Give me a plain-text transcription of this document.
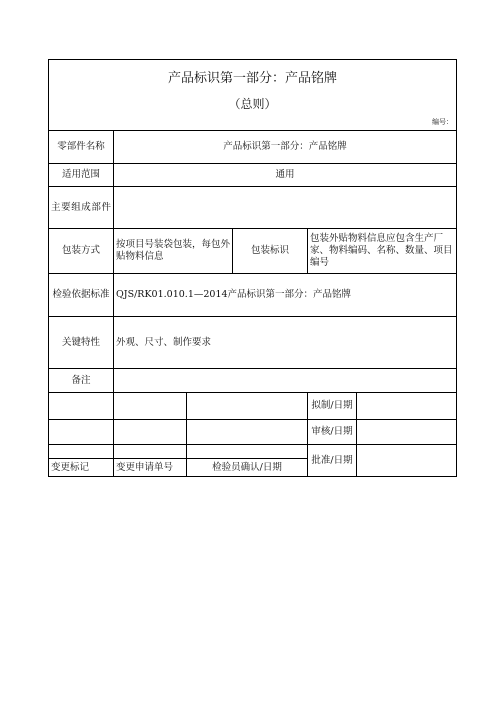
产品标识第一部分：产品铭牌
（总则）
编号：					

零部件名称	产品标识第一部分：产品铭牌				
适用范围	通用				
主要组成部件					
包装方式	按项目号装袋包装，每包外贴物料信息		包装标识	包装外贴物料信息应包含生产厂家、物料编码、名称、数量、项目编号	
检验依据标准	QJS/RK01.010.1—2014产品标识第一部分：产品铭牌				
关键特性	外观、尺寸、制作要求				
备注					
				拟制/日期	
				审核/日期	
				批准/日期	
变更标记	变更申请单号	检验员确认/日期			
